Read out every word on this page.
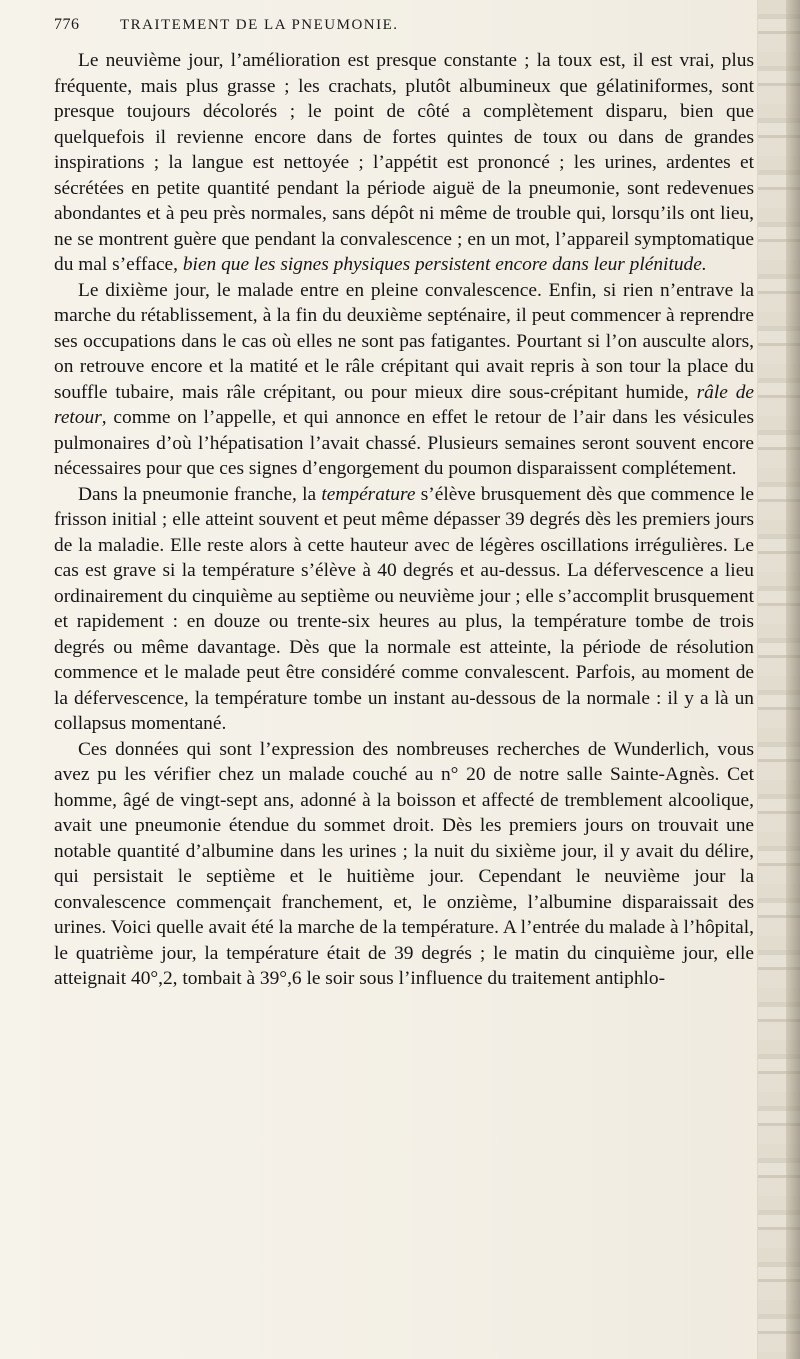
776	TRAITEMENT DE LA PNEUMONIE.

Le neuvième jour, l’amélioration est presque constante ; la toux est, il est vrai, plus fréquente, mais plus grasse ; les crachats, plutôt albumineux que gélatiniformes, sont presque toujours décolorés ; le point de côté a complètement disparu, bien que quelquefois il revienne encore dans de fortes quintes de toux ou dans de grandes inspirations ; la langue est nettoyée ; l’appétit est prononcé ; les urines, ardentes et sécrétées en petite quantité pendant la période aiguë de la pneumonie, sont redevenues abondantes et à peu près normales, sans dépôt ni même de trouble qui, lorsqu’ils ont lieu, ne se montrent guère que pendant la convalescence ; en un mot, l’appareil symptomatique du mal s’efface, bien que les signes physiques persistent encore dans leur plénitude.

Le dixième jour, le malade entre en pleine convalescence. Enfin, si rien n’entrave la marche du rétablissement, à la fin du deuxième septénaire, il peut commencer à reprendre ses occupations dans le cas où elles ne sont pas fatigantes. Pourtant si l’on ausculte alors, on retrouve encore et la matité et le râle crépitant qui avait repris à son tour la place du souffle tubaire, mais râle crépitant, ou pour mieux dire sous-crépitant humide, râle de retour, comme on l’appelle, et qui annonce en effet le retour de l’air dans les vésicules pulmonaires d’où l’hépatisation l’avait chassé. Plusieurs semaines seront souvent encore nécessaires pour que ces signes d’engorgement du poumon disparaissent complétement.

Dans la pneumonie franche, la température s’élève brusquement dès que commence le frisson initial ; elle atteint souvent et peut même dépasser 39 degrés dès les premiers jours de la maladie. Elle reste alors à cette hauteur avec de légères oscillations irrégulières. Le cas est grave si la température s’élève à 40 degrés et au-dessus. La défervescence a lieu ordinairement du cinquième au septième ou neuvième jour ; elle s’accomplit brusquement et rapidement : en douze ou trente-six heures au plus, la température tombe de trois degrés ou même davantage. Dès que la normale est atteinte, la période de résolution commence et le malade peut être considéré comme convalescent. Parfois, au moment de la défervescence, la température tombe un instant au-dessous de la normale : il y a là un collapsus momentané.

Ces données qui sont l’expression des nombreuses recherches de Wunderlich, vous avez pu les vérifier chez un malade couché au n° 20 de notre salle Sainte-Agnès. Cet homme, âgé de vingt-sept ans, adonné à la boisson et affecté de tremblement alcoolique, avait une pneumonie étendue du sommet droit. Dès les premiers jours on trouvait une notable quantité d’albumine dans les urines ; la nuit du sixième jour, il y avait du délire, qui persistait le septième et le huitième jour. Cependant le neuvième jour la convalescence commençait franchement, et, le onzième, l’albumine disparaissait des urines. Voici quelle avait été la marche de la température. A l’entrée du malade à l’hôpital, le quatrième jour, la température était de 39 degrés ; le matin du cinquième jour, elle atteignait 40°,2, tombait à 39°,6 le soir sous l’influence du traitement antiphlo-
